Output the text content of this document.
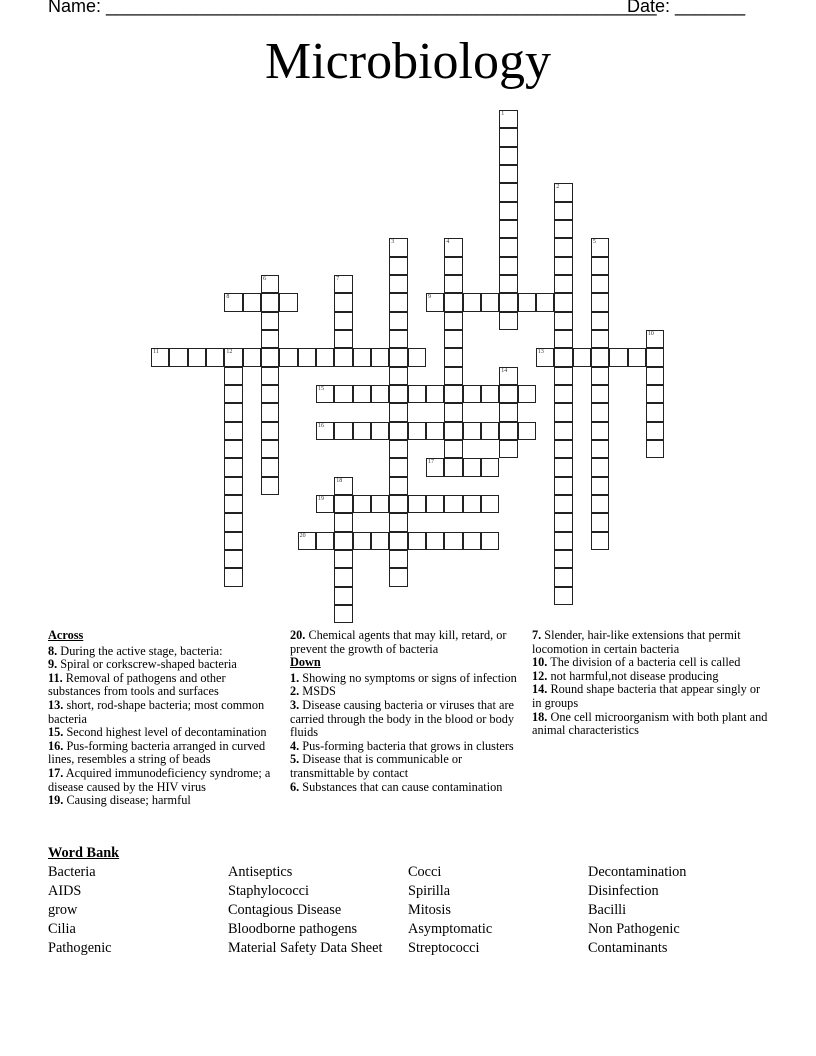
Name: _______________________________________________________
Date: _______
Microbiology
1
2
3	4	5
6	7
8	9
10
11	12	13
14
15
16
17
18
19
20
Across
8. During the active stage, bacteria:
9. Spiral or corkscrew-shaped bacteria
11. Removal of pathogens and other substances from tools and surfaces
13. short, rod-shape bacteria; most common bacteria
15. Second highest level of decontamination
16. Pus-forming bacteria arranged in curved lines, resembles a string of beads
17. Acquired immunodeficiency syndrome; a disease caused by the HIV virus
19. Causing disease; harmful
20. Chemical agents that may kill, retard, or prevent the growth of bacteria
Down
1. Showing no symptoms or signs of infection
2. MSDS
3. Disease causing bacteria or viruses that are carried through the body in the blood or body fluids
4. Pus-forming bacteria that grows in clusters
5. Disease that is communicable or transmittable by contact
6. Substances that can cause contamination
7. Slender, hair-like extensions that permit locomotion in certain bacteria
10. The division of a bacteria cell is called
12. not harmful,not disease producing
14. Round shape bacteria that appear singly or in groups
18. One cell microorganism with both plant and animal characteristics
Word Bank
Bacteria	Antiseptics	Cocci	Decontamination
AIDS	Staphylococci	Spirilla	Disinfection
grow	Contagious Disease	Mitosis	Bacilli
Cilia	Bloodborne pathogens	Asymptomatic	Non Pathogenic
Pathogenic	Material Safety Data Sheet	Streptococci	Contaminants
